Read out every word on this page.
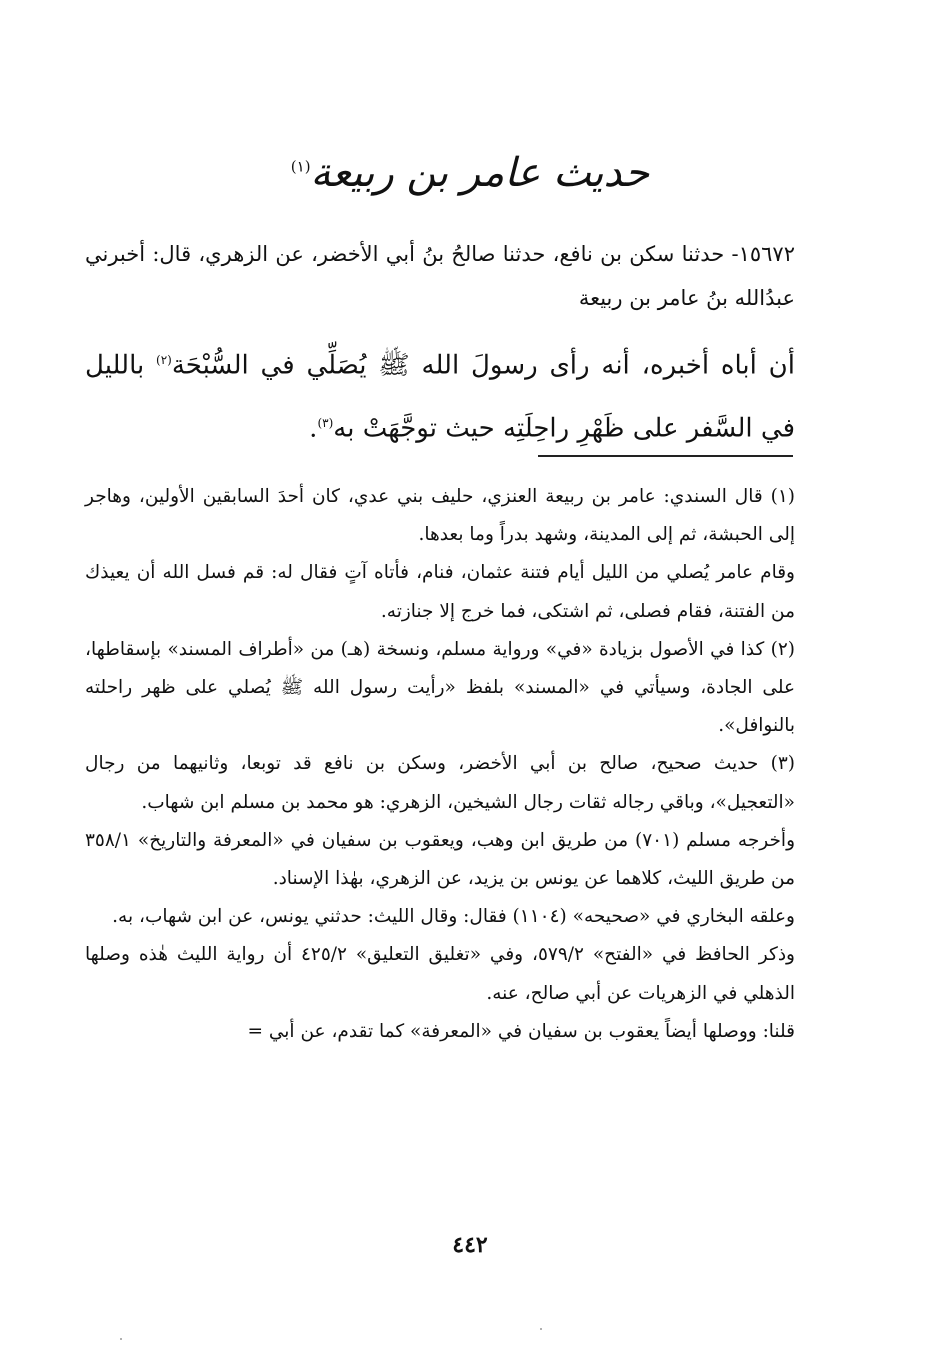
حديث عامر بن ربيعة$^{(١)}$
١٥٦٧٢- حدثنا سكن بن نافع، حدثنا صالحُ بنُ أبي الأخضر، عن الزهري، قال: أخبرني عبدُالله بنُ عامر بن ربيعة
أن أباه أخبره، أنه رأى رسولَ الله ﷺ يُصَلِّي في السُّبْحَة$^{(٢)}$ بالليل في السَّفر على ظَهْرِ راحِلَتِه حيث توجَّهَتْ به$^{(٣)}$.

(١) قال السندي: عامر بن ربيعة العنزي، حليف بني عدي، كان أحدَ السابقين الأولين، وهاجر إلى الحبشة، ثم إلى المدينة، وشهد بدراً وما بعدها.

وقام عامر يُصلي من الليل أيام فتنة عثمان، فنام، فأتاه آتٍ فقال له: قم فسل الله أن يعيذك من الفتنة، فقام فصلى، ثم اشتكى، فما خرج إلا جنازته.

(٢) كذا في الأصول بزيادة «في» ورواية مسلم، ونسخة (هـ) من «أطراف المسند» بإسقاطها، على الجادة، وسيأتي في «المسند» بلفظ «رأيت رسول الله ﷺ يُصلي على ظهر راحلته بالنوافل».

(٣) حديث صحيح، صالح بن أبي الأخضر، وسكن بن نافع قد توبعا، وثانيهما من رجال «التعجيل»، وباقي رجاله ثقات رجال الشيخين، الزهري: هو محمد بن مسلم ابن شهاب.

وأخرجه مسلم (٧٠١) من طريق ابن وهب، ويعقوب بن سفيان في «المعرفة والتاريخ» ٣٥٨/١ من طريق الليث، كلاهما عن يونس بن يزيد، عن الزهري، بهٰذا الإسناد.

وعلقه البخاري في «صحيحه» (١١٠٤) فقال: وقال الليث: حدثني يونس، عن ابن شهاب، به.

وذكر الحافظ في «الفتح» ٥٧٩/٢، وفي «تغليق التعليق» ٤٢٥/٢ أن رواية الليث هٰذه وصلها الذهلي في الزهريات عن أبي صالح، عنه.

قلنا: ووصلها أيضاً يعقوب بن سفيان في «المعرفة» كما تقدم، عن أبي =

٤٤٢
